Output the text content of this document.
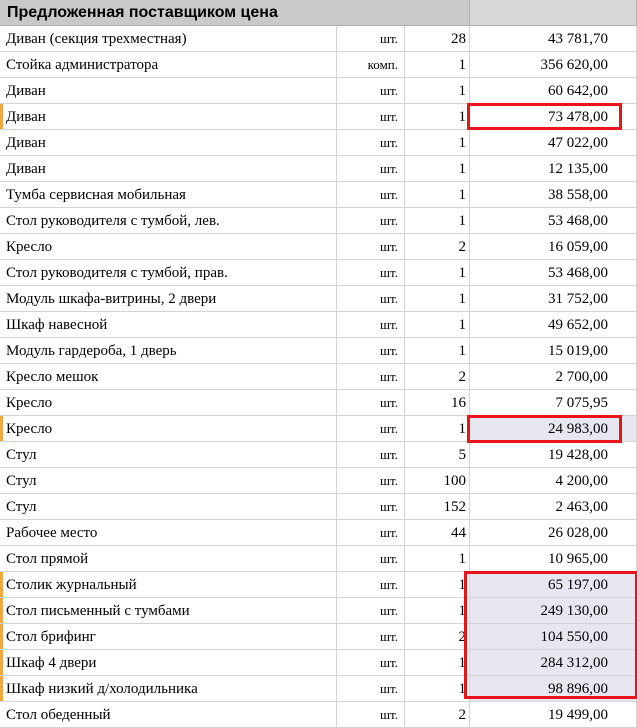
Предложенная поставщиком цена
Диван (секция трехместная)	шт.	28	43 781,70
Стойка администратора	комп.	1	356 620,00
Диван	шт.	1	60 642,00
Диван	шт.	1	73 478,00
Диван	шт.	1	47 022,00
Диван	шт.	1	12 135,00
Тумба сервисная мобильная	шт.	1	38 558,00
Стол руководителя с тумбой, лев.	шт.	1	53 468,00
Кресло	шт.	2	16 059,00
Стол руководителя с тумбой, прав.	шт.	1	53 468,00
Модуль шкафа-витрины, 2 двери	шт.	1	31 752,00
Шкаф навесной	шт.	1	49 652,00
Модуль гардероба, 1 дверь	шт.	1	15 019,00
Кресло мешок	шт.	2	2 700,00
Кресло	шт.	16	7 075,95
Кресло	шт.	1	24 983,00
Стул	шт.	5	19 428,00
Стул	шт.	100	4 200,00
Стул	шт.	152	2 463,00
Рабочее место	шт.	44	26 028,00
Стол прямой	шт.	1	10 965,00
Столик журнальный	шт.	1	65 197,00
Стол письменный с тумбами	шт.	1	249 130,00
Стол брифинг	шт.	2	104 550,00
Шкаф 4 двери	шт.	1	284 312,00
Шкаф низкий д/холодильника	шт.	1	98 896,00
Стол обеденный	шт.	2	19 499,00
